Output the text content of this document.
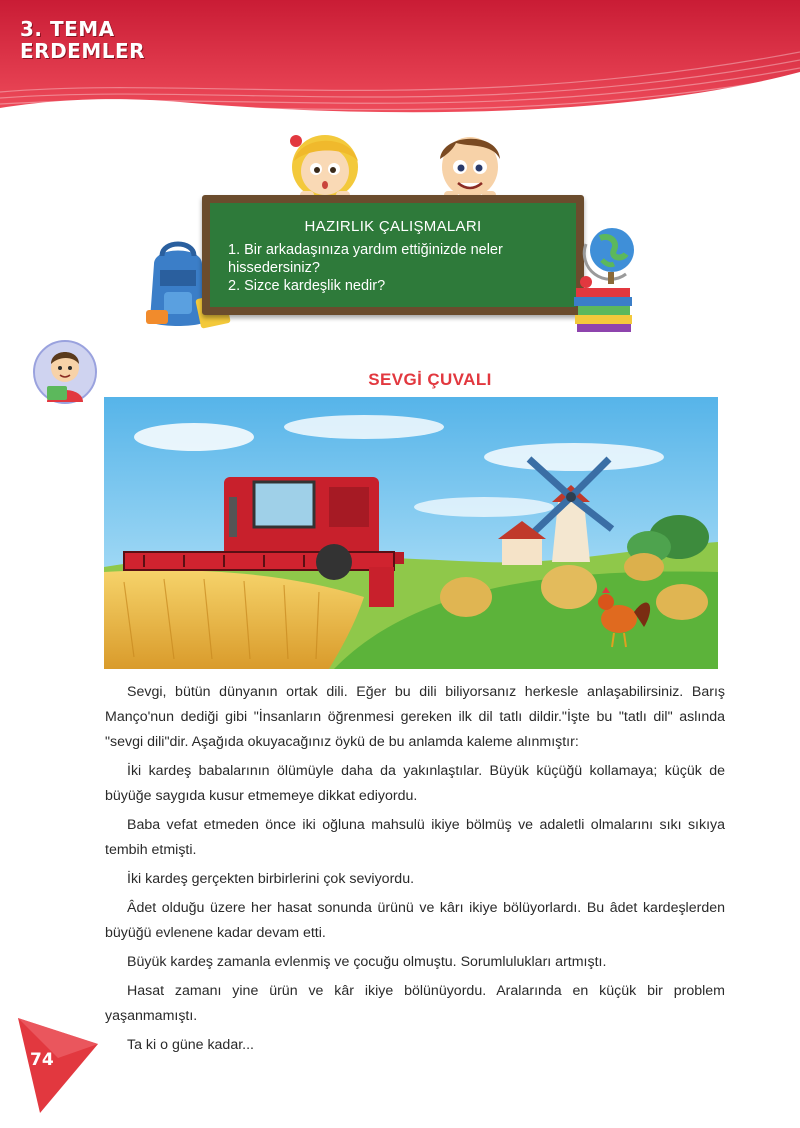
3. TEMA
ERDEMLER
HAZIRLIK ÇALIŞMALARI
1. Bir arkadaşınıza yardım ettiğinizde neler
hissedersiniz?
2. Sizce kardeşlik nedir?
SEVGİ ÇUVALI

Sevgi, bütün dünyanın ortak dili. Eğer bu dili biliyorsanız herkesle anlaşabilirsiniz. Barış Manço'nun dediği gibi "İnsanların öğrenmesi gereken ilk dil tatlı dildir."İşte bu "tatlı dil" aslında "sevgi dili"dir. Aşağıda okuyacağınız öykü de bu anlamda kaleme alınmıştır:

İki kardeş babalarının ölümüyle daha da yakınlaştılar. Büyük küçüğü kollamaya; küçük de büyüğe saygıda kusur etmemeye dikkat ediyordu.

Baba vefat etmeden önce iki oğluna mahsulü ikiye bölmüş ve adaletli olmalarını sıkı sıkıya tembih etmişti.

İki kardeş gerçekten birbirlerini çok seviyordu.

Âdet olduğu üzere her hasat sonunda ürünü ve kârı ikiye bölüyorlardı. Bu âdet kardeşlerden büyüğü evlenene kadar devam etti.

Büyük kardeş zamanla evlenmiş ve çocuğu olmuştu. Sorumlulukları artmıştı.

Hasat zamanı yine ürün ve kâr ikiye bölünüyordu. Aralarında en küçük bir problem yaşanmamıştı.

Ta ki o güne kadar...

74
